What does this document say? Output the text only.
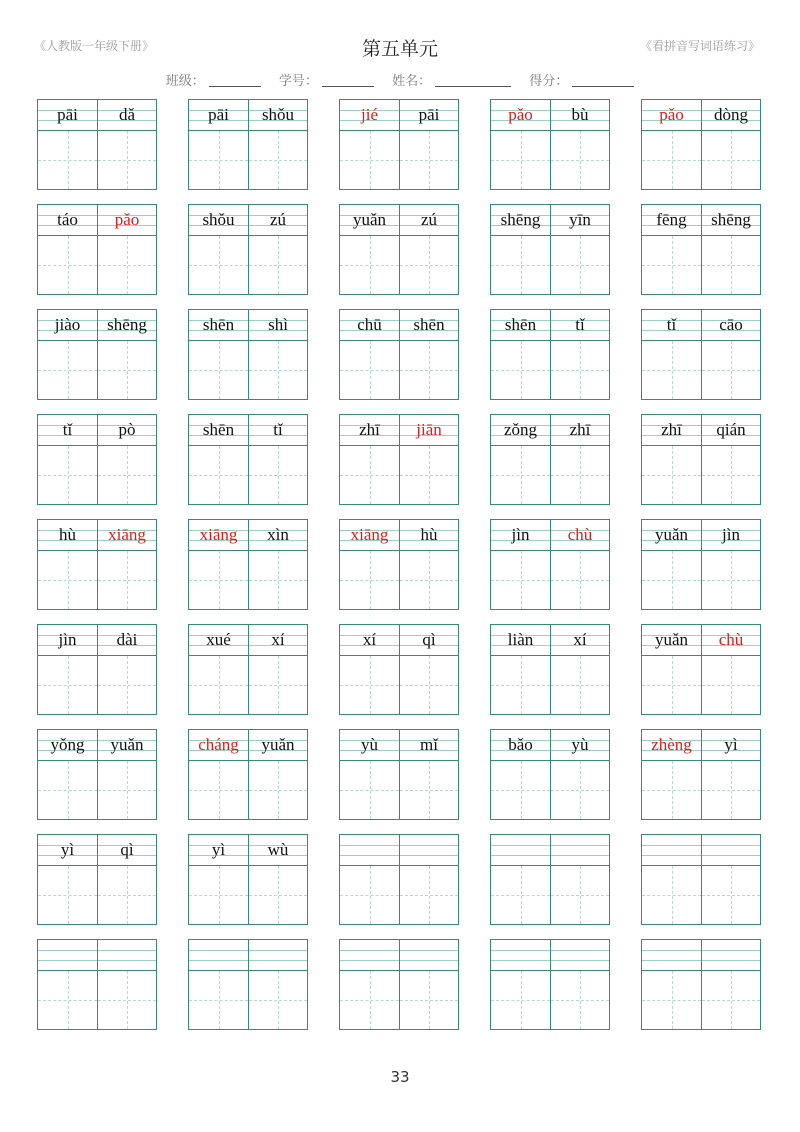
《人教版一年级下册》	第五单元	《看拼音写词语练习》
班级：	学号：	姓名：	得分：
pāi	dǎ	pāi	shǒu	jié	pāi	pǎo	bù	pǎo	dòng
táo	pǎo	shǒu	zú	yuǎn	zú	shēng	yīn	fēng	shēng
jiào	shēng	shēn	shì	chū	shēn	shēn	tǐ	tǐ	cāo
tǐ	pò	shēn	tǐ	zhī	jiān	zǒng	zhī	zhī	qián
hù	xiāng	xiāng	xìn	xiāng	hù	jìn	chù	yuǎn	jìn
jìn	dài	xué	xí	xí	qì	liàn	xí	yuǎn	chù
yǒng	yuǎn	cháng	yuǎn	yù	mǐ	bǎo	yù	zhèng	yì
yì	qì	yì	wù
33
